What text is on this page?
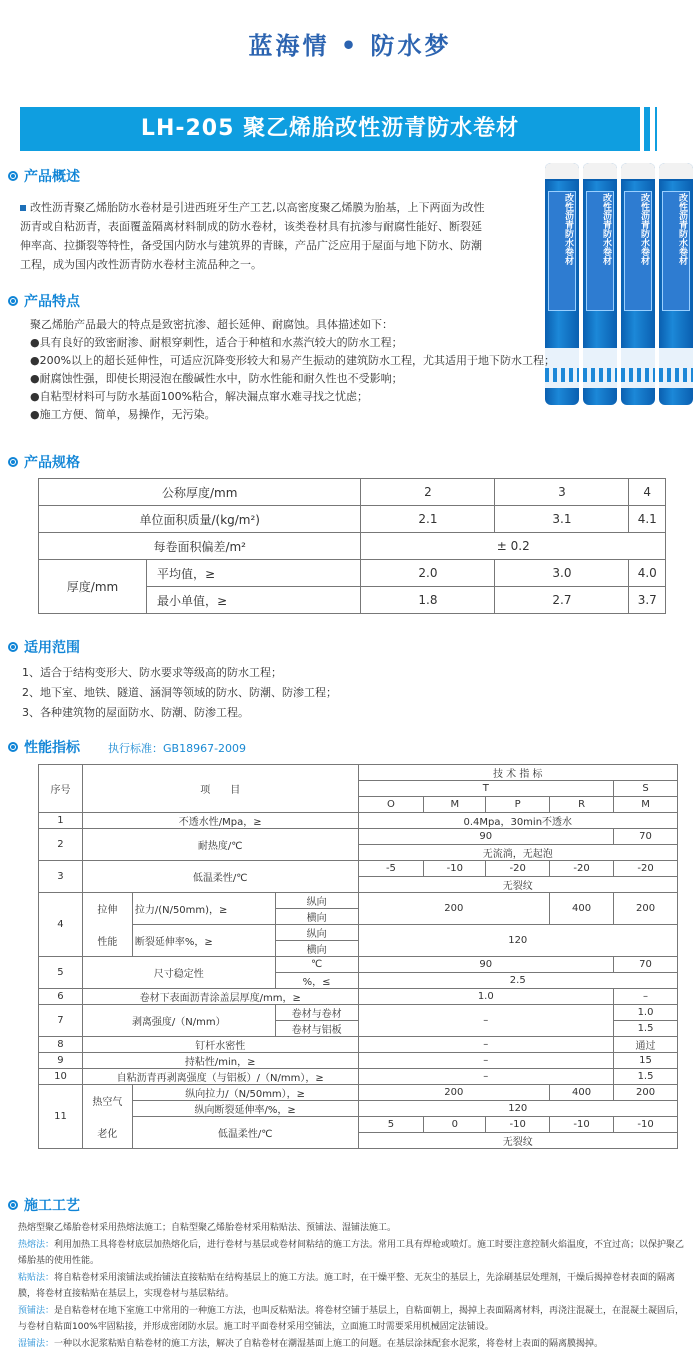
蓝海情 • 防水梦
LH-205 聚乙烯胎改性沥青防水卷材
产品概述
改性沥青聚乙烯胎防水卷材是引进西班牙生产工艺,以高密度聚乙烯膜为胎基，上下两面为改性沥青或自粘沥青，表面覆盖隔离材料制成的防水卷材，该类卷材具有抗渗与耐腐性能好、断裂延伸率高、拉撕裂等特性，备受国内防水与建筑界的青睐，产品广泛应用于屋面与地下防水、防潮工程，成为国内改性沥青防水卷材主流品种之一。	改性沥青防水卷材	改性沥青防水卷材	改性沥青防水卷材	改性沥青防水卷材
产品特点
聚乙烯胎产品最大的特点是致密抗渗、超长延伸、耐腐蚀。具体描述如下：
●具有良好的致密耐渗、耐根穿刺性，适合于种植和水蒸汽较大的防水工程；
●200%以上的超长延伸性，可适应沉降变形较大和易产生振动的建筑防水工程，尤其适用于地下防水工程；
●耐腐蚀性强，即使长期浸泡在酸碱性水中，防水性能和耐久性也不受影响；
●自粘型材料可与防水基面100%粘合，解决漏点窜水难寻找之忧虑；
●施工方便、简单，易操作，无污染。
产品规格
公称厚度/mm		2	3	4
单位面积质量/(kg/m²)		2.1	3.1	4.1
每卷面积偏差/m²		± 0.2		
厚度/mm	平均值，≥	2.0	3.0	4.0
	最小单值，≥	1.8	2.7	3.7
适用范围
1、适合于结构变形大、防水要求等级高的防水工程；
2、地下室、地铁、隧道、涵洞等领域的防水、防潮、防渗工程；
3、各种建筑物的屋面防水、防潮、防渗工程。
性能指标	执行标准：GB18967-2009
序号	项　　目			技 术 指 标				
				T				S
				O	M	P	R	M
1	不透水性/Mpa，≥			0.4Mpa，30min不透水				
2	耐热度/℃			90				70
				无流淌，无起泡				
3	低温柔性/℃			-5	-10	-20	-20	-20
				无裂纹				
4	拉伸	拉力/(N/50mm)，≥	纵向	200			400	200
			横向					
	性能	断裂延伸率%，≥	纵向	120				
			横向					
5	尺寸稳定性		℃	90				70
			%，≤	2.5				
6	卷材下表面沥青涂盖层厚度/mm，≥			1.0				–
7	剥离强度/（N/mm）		卷材与卷材	–				1.0
			卷材与铝板					1.5
8	钉杆水密性			–				通过
9	持粘性/min，≥			–				15
10	自粘沥青再剥离强度（与铝板）/（N/mm），≥			–				1.5
11	热空气	纵向拉力/（N/50mm），≥		200			400	200
		纵向断裂延伸率/%，≥		120				
	老化	低温柔性/℃		5	0	-10	-10	-10
				无裂纹				
施工工艺
热熔型聚乙烯胎卷材采用热熔法施工；自粘型聚乙烯胎卷材采用粘贴法、预铺法、湿铺法施工。
热熔法：利用加热工具将卷材底层加热熔化后，进行卷材与基层或卷材间粘结的施工方法。常用工具有焊枪或喷灯。施工时要注意控制火焰温度，不宜过高；以保护聚乙烯胎基的使用性能。
粘贴法：将自粘卷材采用滚铺法或抬铺法直接粘贴在结构基层上的施工方法。施工时，在干燥平整、无灰尘的基层上，先涂刷基层处理剂，干燥后揭掉卷材表面的隔离膜，将卷材直接粘贴在基层上，实现卷材与基层粘结。
预铺法：是自粘卷材在地下室施工中常用的一种施工方法，也叫反粘贴法。将卷材空铺于基层上，自粘面朝上，揭掉上表面隔离材料，再浇注混凝土，在混凝土凝固后，与卷材自粘面100%牢固粘接，并形成密闭防水层。施工时平面卷材采用空铺法，立面施工时需要采用机械固定法铺设。
湿铺法：一种以水泥浆粘贴自粘卷材的施工方法，解决了自粘卷材在潮湿基面上施工的问题。在基层涂抹配套水泥浆，将卷材上表面的隔离膜揭掉。
